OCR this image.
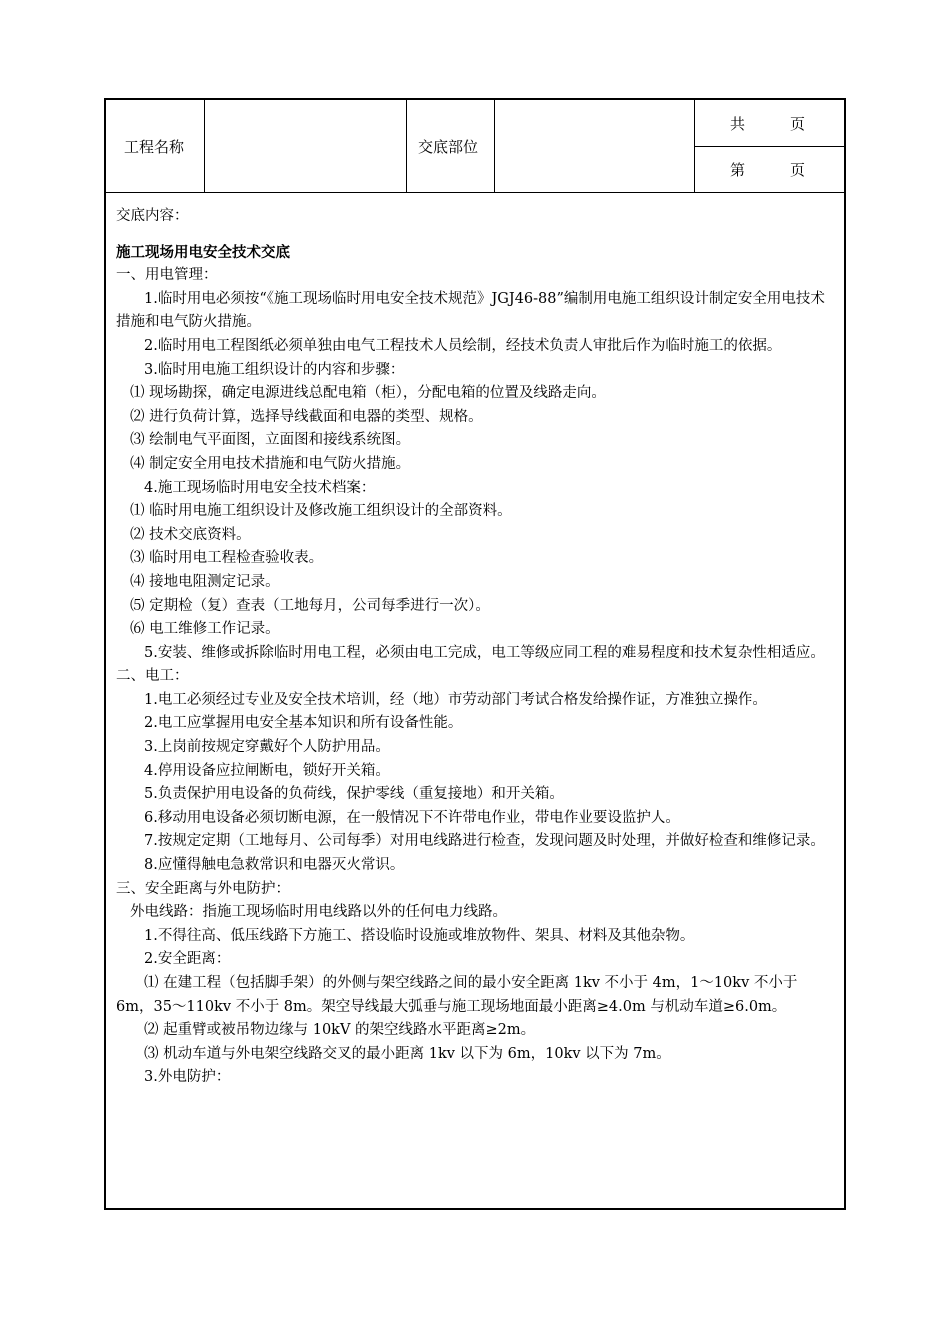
工程名称	交底部位
共　　　页
第　　　页

交底内容：

施工现场用电安全技术交底

一、用电管理：

1.临时用电必须按“《施工现场临时用电安全技术规范》JGJ46-88”编制用电施工组织设计制定安全用电技术措施和电气防火措施。

2.临时用电工程图纸必须单独由电气工程技术人员绘制，经技术负责人审批后作为临时施工的依据。

3.临时用电施工组织设计的内容和步骤：

⑴ 现场勘探，确定电源进线总配电箱（柜），分配电箱的位置及线路走向。

⑵ 进行负荷计算，选择导线截面和电器的类型、规格。

⑶ 绘制电气平面图，立面图和接线系统图。

⑷ 制定安全用电技术措施和电气防火措施。

4.施工现场临时用电安全技术档案：

⑴ 临时用电施工组织设计及修改施工组织设计的全部资料。

⑵ 技术交底资料。

⑶ 临时用电工程检查验收表。

⑷ 接地电阻测定记录。

⑸ 定期检（复）查表（工地每月，公司每季进行一次）。

⑹ 电工维修工作记录。

5.安装、维修或拆除临时用电工程，必须由电工完成，电工等级应同工程的难易程度和技术复杂性相适应。

二、电工：

1.电工必须经过专业及安全技术培训，经（地）市劳动部门考试合格发给操作证，方准独立操作。

2.电工应掌握用电安全基本知识和所有设备性能。

3.上岗前按规定穿戴好个人防护用品。

4.停用设备应拉闸断电，锁好开关箱。

5.负责保护用电设备的负荷线，保护零线（重复接地）和开关箱。

6.移动用电设备必须切断电源，在一般情况下不许带电作业，带电作业要设监护人。

7.按规定定期（工地每月、公司每季）对用电线路进行检查，发现问题及时处理，并做好检查和维修记录。

8.应懂得触电急救常识和电器灭火常识。

三、安全距离与外电防护：

外电线路：指施工现场临时用电线路以外的任何电力线路。

1.不得往高、低压线路下方施工、搭设临时设施或堆放物件、架具、材料及其他杂物。

2.安全距离：

⑴ 在建工程（包括脚手架）的外侧与架空线路之间的最小安全距离 1kv 不小于 4m，1～10kv 不小于 6m，35～110kv 不小于 8m。架空导线最大弧垂与施工现场地面最小距离≥4.0m 与机动车道≥6.0m。

⑵ 起重臂或被吊物边缘与 10kV 的架空线路水平距离≥2m。

⑶ 机动车道与外电架空线路交叉的最小距离 1kv 以下为 6m，10kv 以下为 7m。

3.外电防护：
